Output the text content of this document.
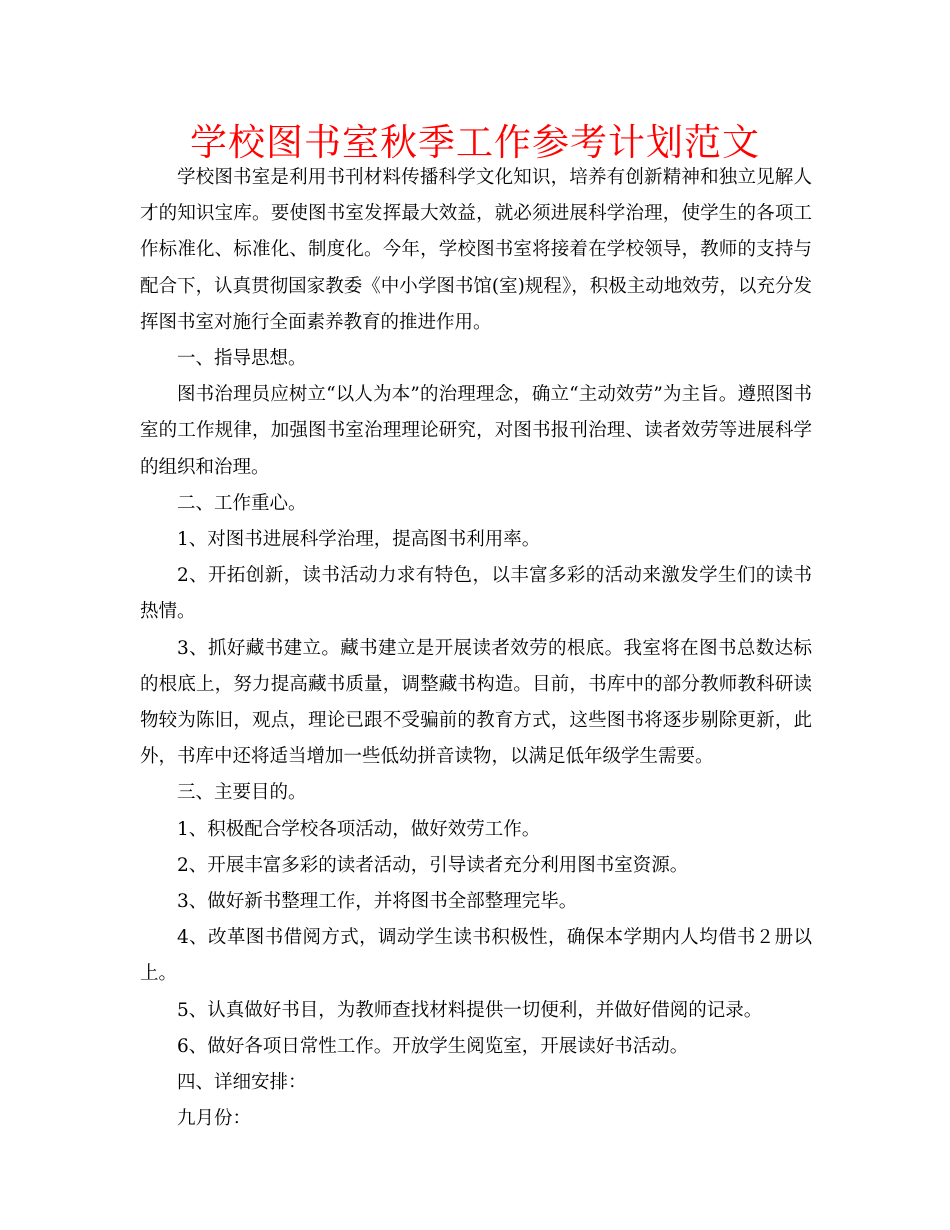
学校图书室秋季工作参考计划范文

学校图书室是利用书刊材料传播科学文化知识，培养有创新精神和独立见解人才的知识宝库。要使图书室发挥最大效益，就必须进展科学治理，使学生的各项工作标准化、标准化、制度化。今年，学校图书室将接着在学校领导，教师的支持与配合下，认真贯彻国家教委《中小学图书馆(室)规程》，积极主动地效劳，以充分发挥图书室对施行全面素养教育的推进作用。

一、指导思想。

图书治理员应树立“以人为本”的治理理念，确立“主动效劳”为主旨。遵照图书室的工作规律，加强图书室治理理论研究，对图书报刊治理、读者效劳等进展科学的组织和治理。

二、工作重心。

1、对图书进展科学治理，提高图书利用率。

2、开拓创新，读书活动力求有特色，以丰富多彩的活动来激发学生们的读书热情。

3、抓好藏书建立。藏书建立是开展读者效劳的根底。我室将在图书总数达标的根底上，努力提高藏书质量，调整藏书构造。目前，书库中的部分教师教科研读物较为陈旧，观点，理论已跟不受骗前的教育方式，这些图书将逐步剔除更新，此外，书库中还将适当增加一些低幼拼音读物，以满足低年级学生需要。

三、主要目的。

1、积极配合学校各项活动，做好效劳工作。

2、开展丰富多彩的读者活动，引导读者充分利用图书室资源。

3、做好新书整理工作，并将图书全部整理完毕。

4、改革图书借阅方式，调动学生读书积极性，确保本学期内人均借书２册以上。

5、认真做好书目，为教师查找材料提供一切便利，并做好借阅的记录。

6、做好各项日常性工作。开放学生阅览室，开展读好书活动。

四、详细安排：

九月份：
